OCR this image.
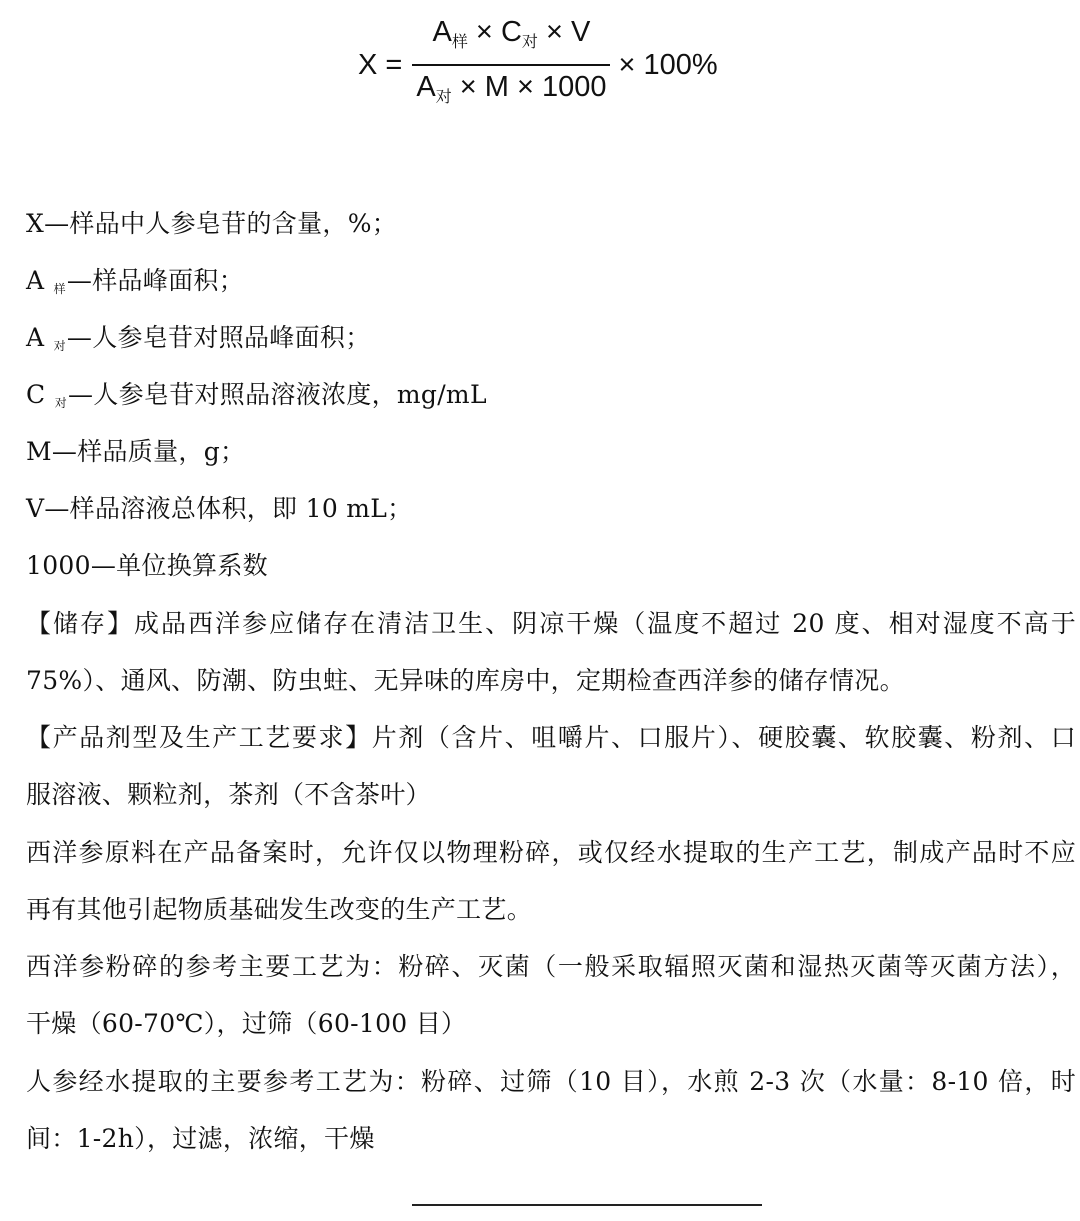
$X = \frac{A_样 \times C_对 \times V}{A_对 \times M \times 1000} \times 100\%$
X—样品中人参皂苷的含量，%；
A $_样$—样品峰面积；
A $_对$—人参皂苷对照品峰面积；
C $_对$—人参皂苷对照品溶液浓度，mg/mL
M—样品质量，g；
V—样品溶液总体积，即 10 mL；
1000—单位换算系数
【储存】成品西洋参应储存在清洁卫生、阴凉干燥（温度不超过 20 度、相对湿度不高于
75%）、通风、防潮、防虫蛀、无异味的库房中，定期检查西洋参的储存情况。
【产品剂型及生产工艺要求】片剂（含片、咀嚼片、口服片）、硬胶囊、软胶囊、粉剂、口
服溶液、颗粒剂，茶剂（不含茶叶）
西洋参原料在产品备案时，允许仅以物理粉碎，或仅经水提取的生产工艺，制成产品时不应
再有其他引起物质基础发生改变的生产工艺。
西洋参粉碎的参考主要工艺为：粉碎、灭菌（一般采取辐照灭菌和湿热灭菌等灭菌方法），
干燥（60-70℃），过筛（60-100 目）
人参经水提取的主要参考工艺为：粉碎、过筛（10 目），水煎 2-3 次（水量：8-10 倍，时
间：1-2h），过滤，浓缩，干燥
